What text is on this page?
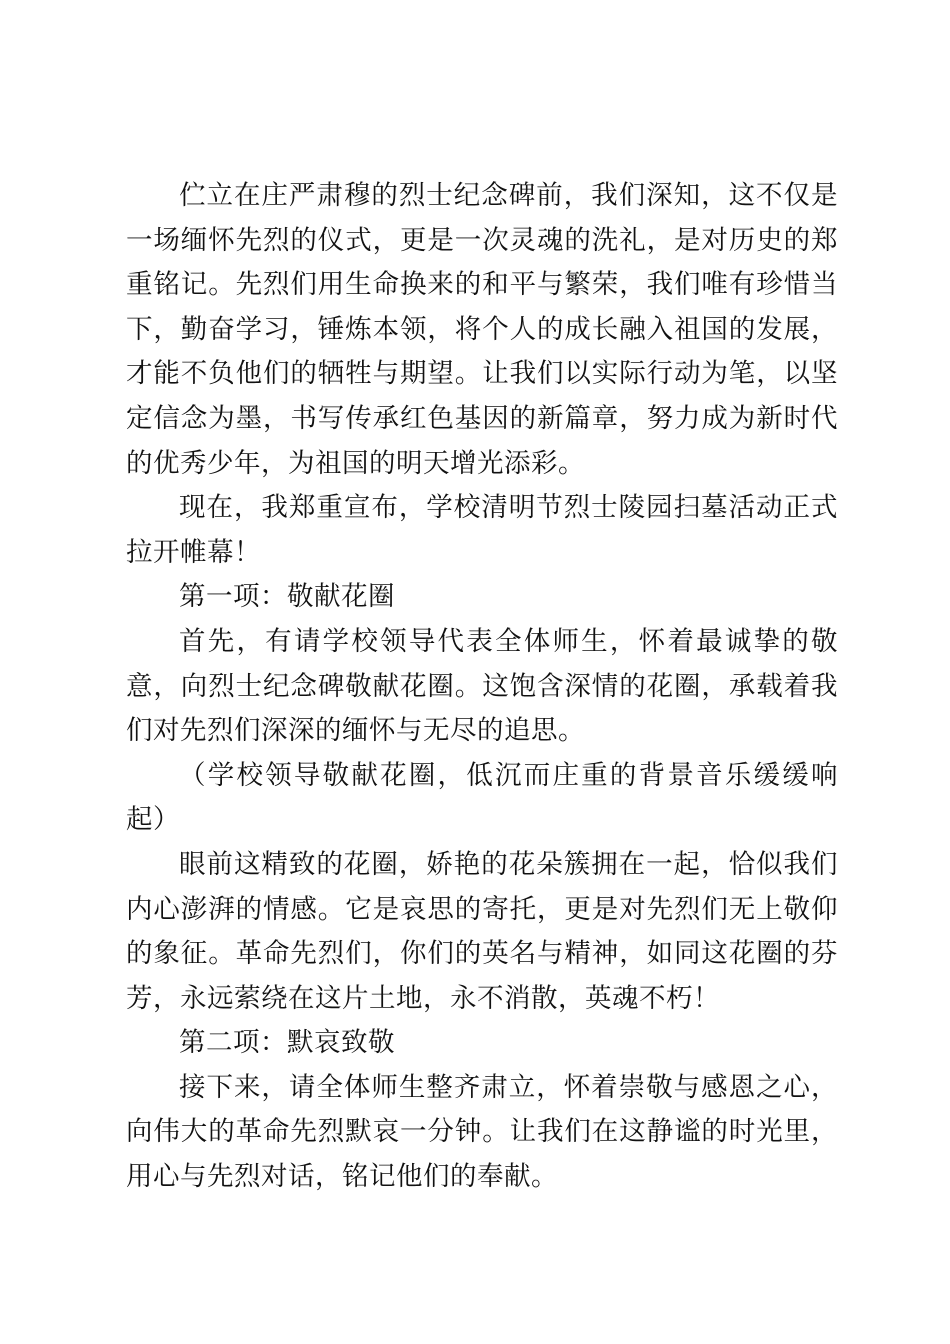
伫立在庄严肃穆的烈士纪念碑前，我们深知，这不仅是一场缅怀先烈的仪式，更是一次灵魂的洗礼，是对历史的郑重铭记。先烈们用生命换来的和平与繁荣，我们唯有珍惜当下，勤奋学习，锤炼本领，将个人的成长融入祖国的发展，才能不负他们的牺牲与期望。让我们以实际行动为笔，以坚定信念为墨，书写传承红色基因的新篇章，努力成为新时代的优秀少年，为祖国的明天增光添彩。

现在，我郑重宣布，学校清明节烈士陵园扫墓活动正式拉开帷幕！

第一项：敬献花圈

首先，有请学校领导代表全体师生，怀着最诚挚的敬意，向烈士纪念碑敬献花圈。这饱含深情的花圈，承载着我们对先烈们深深的缅怀与无尽的追思。

（学校领导敬献花圈，低沉而庄重的背景音乐缓缓响起）

眼前这精致的花圈，娇艳的花朵簇拥在一起，恰似我们内心澎湃的情感。它是哀思的寄托，更是对先烈们无上敬仰的象征。革命先烈们，你们的英名与精神，如同这花圈的芬芳，永远萦绕在这片土地，永不消散，英魂不朽！

第二项：默哀致敬

接下来，请全体师生整齐肃立，怀着崇敬与感恩之心，向伟大的革命先烈默哀一分钟。让我们在这静谧的时光里，用心与先烈对话，铭记他们的奉献。
